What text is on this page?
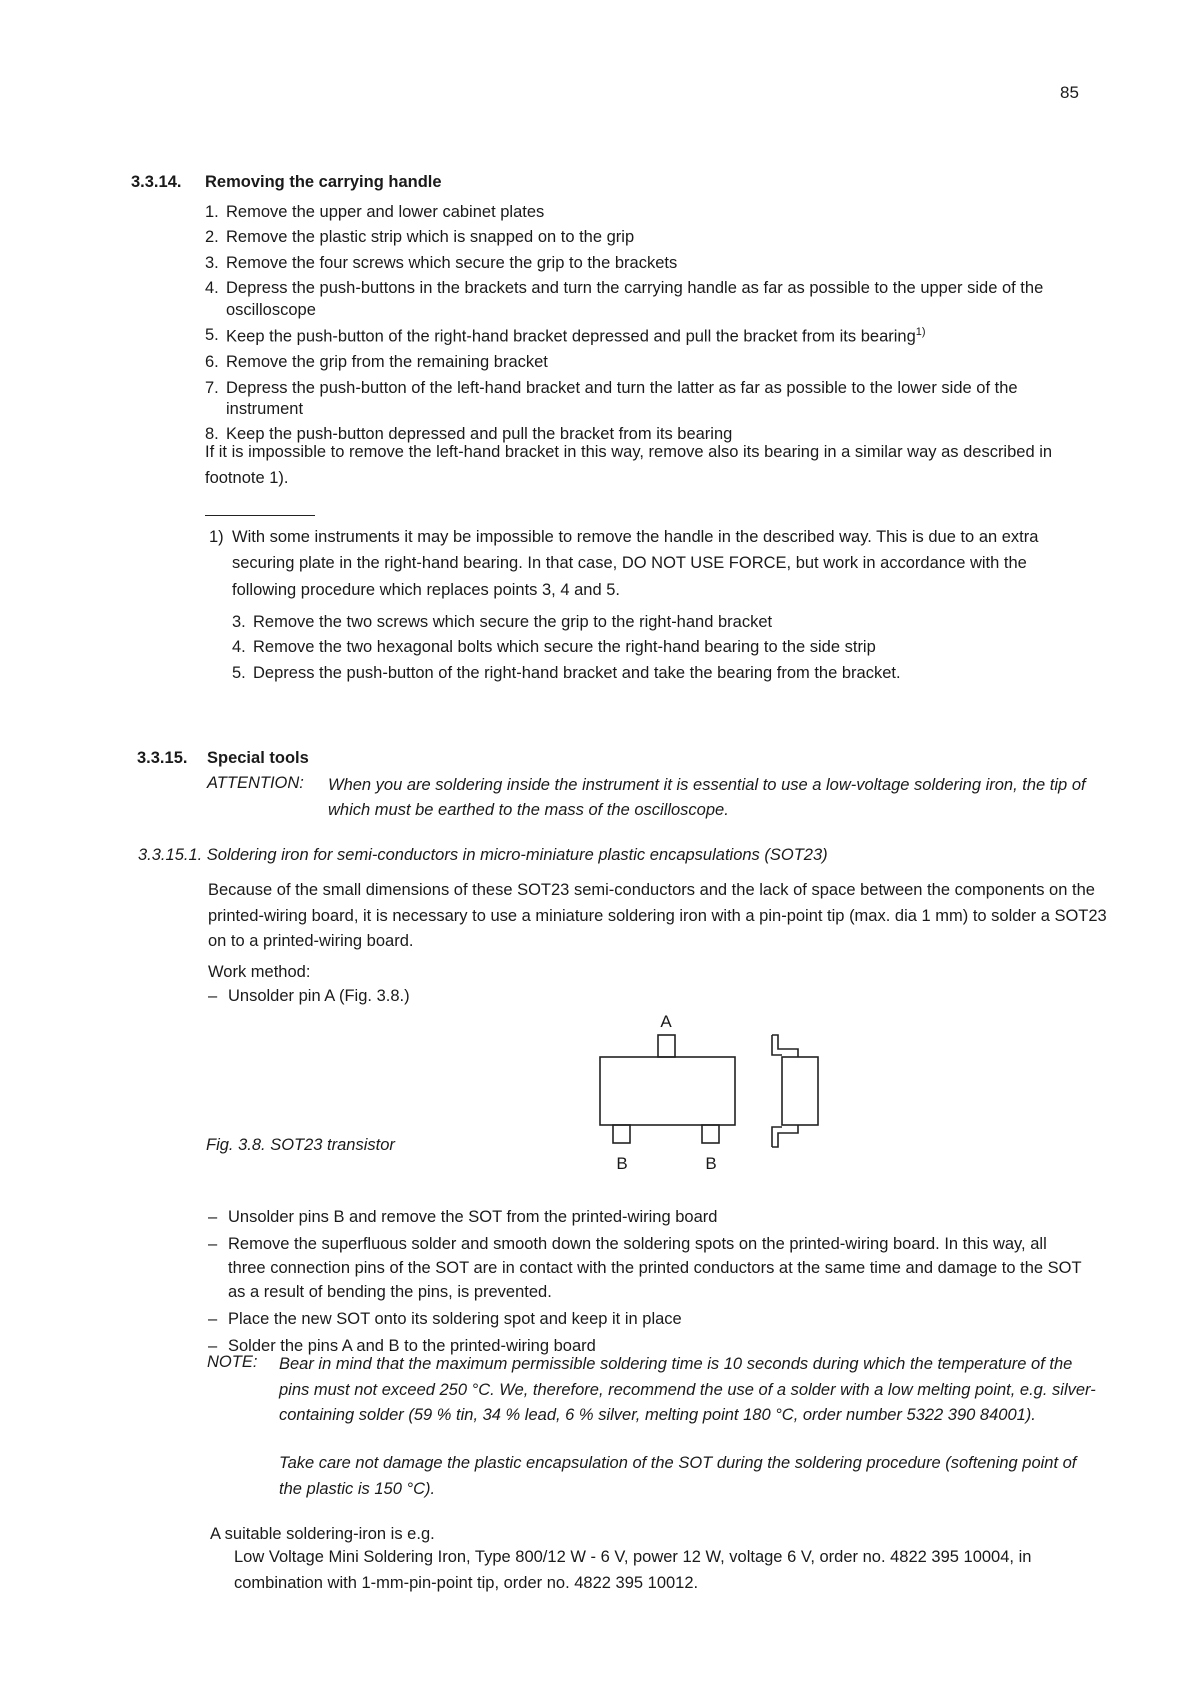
85
3.3.14. Removing the carrying handle
1. Remove the upper and lower cabinet plates
2. Remove the plastic strip which is snapped on to the grip
3. Remove the four screws which secure the grip to the brackets
4. Depress the push-buttons in the brackets and turn the carrying handle as far as possible to the upper side of the oscilloscope
5. Keep the push-button of the right-hand bracket depressed and pull the bracket from its bearing$^{1)}$
6. Remove the grip from the remaining bracket
7. Depress the push-button of the left-hand bracket and turn the latter as far as possible to the lower side of the instrument
8. Keep the push-button depressed and pull the bracket from its bearing
If it is impossible to remove the left-hand bracket in this way, remove also its bearing in a similar way as described in footnote 1).
1) With some instruments it may be impossible to remove the handle in the described way. This is due to an extra securing plate in the right-hand bearing. In that case, DO NOT USE FORCE, but work in accordance with the following procedure which replaces points 3, 4 and 5.
3. Remove the two screws which secure the grip to the right-hand bracket
4. Remove the two hexagonal bolts which secure the right-hand bearing to the side strip
5. Depress the push-button of the right-hand bracket and take the bearing from the bracket.
3.3.15. Special tools
ATTENTION: When you are soldering inside the instrument it is essential to use a low-voltage soldering iron, the tip of which must be earthed to the mass of the oscilloscope.
3.3.15.1. Soldering iron for semi-conductors in micro-miniature plastic encapsulations (SOT23)
Because of the small dimensions of these SOT23 semi-conductors and the lack of space between the components on the printed-wiring board, it is necessary to use a miniature soldering iron with a pin-point tip (max. dia 1 mm) to solder a SOT23 on to a printed-wiring board.
Work method:
– Unsolder pin A (Fig. 3.8.)
Fig. 3.8. SOT23 transistor
A
B	B
– Unsolder pins B and remove the SOT from the printed-wiring board
– Remove the superfluous solder and smooth down the soldering spots on the printed-wiring board. In this way, all three connection pins of the SOT are in contact with the printed conductors at the same time and damage to the SOT as a result of bending the pins, is prevented.
– Place the new SOT onto its soldering spot and keep it in place
– Solder the pins A and B to the printed-wiring board
NOTE: Bear in mind that the maximum permissible soldering time is 10 seconds during which the temperature of the pins must not exceed 250 °C. We, therefore, recommend the use of a solder with a low melting point, e.g. silver-containing solder (59 % tin, 34 % lead, 6 % silver, melting point 180 °C, order number 5322 390 84001).
Take care not damage the plastic encapsulation of the SOT during the soldering procedure (softening point of the plastic is 150 °C).
A suitable soldering-iron is e.g.
Low Voltage Mini Soldering Iron, Type 800/12 W - 6 V, power 12 W, voltage 6 V, order no. 4822 395 10004, in combination with 1-mm-pin-point tip, order no. 4822 395 10012.
